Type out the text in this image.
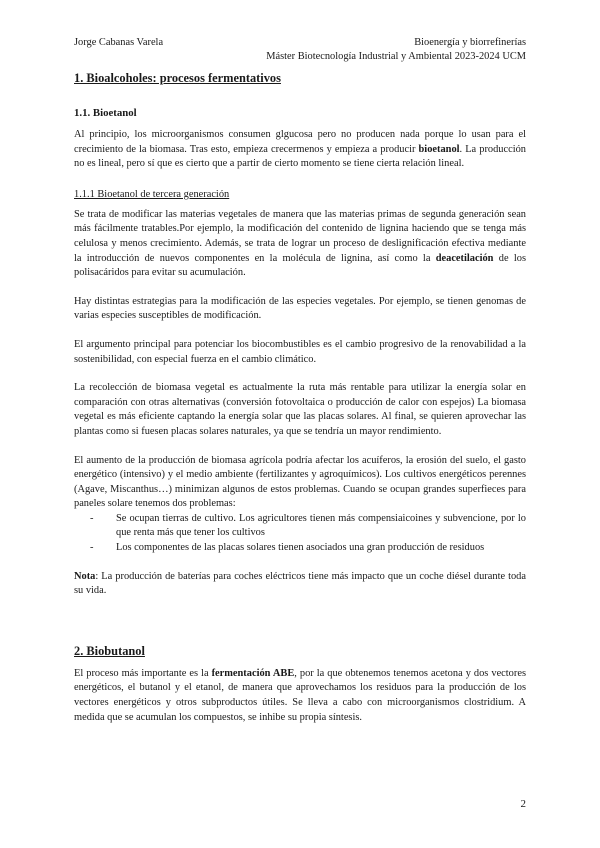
Jorge Cabanas Varela	Bioenergía y biorrefinerías
Máster Biotecnología Industrial y Ambiental 2023-2024 UCM
1. Bioalcoholes: procesos fermentativos
1.1. Bioetanol

Al principio, los microorganismos consumen glgucosa pero no producen nada porque lo usan para el crecimiento de la biomasa. Tras esto, empieza crecermenos y empieza a producir bioetanol. La producción no es lineal, pero sí que es cierto que a partir de cierto momento se tiene cierta relación lineal.

1.1.1 Bioetanol de tercera generación

Se trata de modificar las materias vegetales de manera que las materias primas de segunda generación sean más fácilmente tratables.Por ejemplo, la modificación del contenido de lignina haciendo que se tenga más celulosa y menos crecimiento. Además, se trata de lograr un proceso de deslignificación efectiva mediante la introducción de nuevos componentes en la molécula de lignina, así como la deacetilación de los polisacáridos para evitar su acumulación.

Hay distintas estrategias para la modificación de las especies vegetales. Por ejemplo, se tienen genomas de varias especies susceptibles de modificación.

El argumento principal para potenciar los biocombustibles es el cambio progresivo de la renovabilidad a la sostenibilidad, con especial fuerza en el cambio climático.

La recolección de biomasa vegetal es actualmente la ruta más rentable para utilizar la energía solar en comparación con otras alternativas (conversión fotovoltaica o producción de calor con espejos) La biomasa vegetal es más eficiente captando la energía solar que las placas solares. Al final, se quieren aprovechar las plantas como si fuesen placas solares naturales, ya que se tendría un mayor rendimiento.

El aumento de la producción de biomasa agrícola podría afectar los acuíferos, la erosión del suelo, el gasto energético (intensivo) y el medio ambiente (fertilizantes y agroquímicos). Los cultivos energéticos perennes (Agave, Miscanthus…) minimizan algunos de estos problemas. Cuando se ocupan grandes superfieces para paneles solare tenemos dos problemas:

- Se ocupan tierras de cultivo. Los agricultores tienen más compensiaicoines y subvencione, por lo que renta más que tener los cultivos
- Los componentes de las placas solares tienen asociados una gran producción de residuos

Nota: La producción de baterías para coches eléctricos tiene más impacto que un coche diésel durante toda su vida.

2. Biobutanol

El proceso más importante es la fermentación ABE, por la que obtenemos tenemos acetona y dos vectores energéticos, el butanol y el etanol, de manera que aprovechamos los residuos para la producción de los vectores energéticos y otros subproductos útiles. Se lleva a cabo con microorganismos clostridium. A medida que se acumulan los compuestos, se inhibe su propia síntesis.

2
